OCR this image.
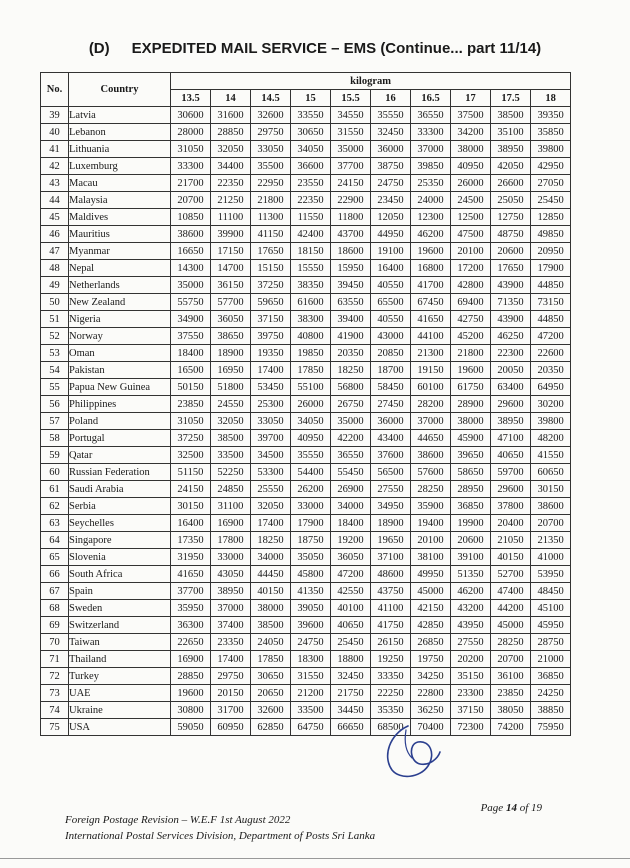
(D) EXPEDITED MAIL SERVICE – EMS (Continue... part 11/14)
No.	Country	kilogram									
		13.5	14	14.5	15	15.5	16	16.5	17	17.5	18
39	Latvia	30600	31600	32600	33550	34550	35550	36550	37500	38500	39350
40	Lebanon	28000	28850	29750	30650	31550	32450	33300	34200	35100	35850
41	Lithuania	31050	32050	33050	34050	35000	36000	37000	38000	38950	39800
42	Luxemburg	33300	34400	35500	36600	37700	38750	39850	40950	42050	42950
43	Macau	21700	22350	22950	23550	24150	24750	25350	26000	26600	27050
44	Malaysia	20700	21250	21800	22350	22900	23450	24000	24500	25050	25450
45	Maldives	10850	11100	11300	11550	11800	12050	12300	12500	12750	12850
46	Mauritius	38600	39900	41150	42400	43700	44950	46200	47500	48750	49850
47	Myanmar	16650	17150	17650	18150	18600	19100	19600	20100	20600	20950
48	Nepal	14300	14700	15150	15550	15950	16400	16800	17200	17650	17900
49	Netherlands	35000	36150	37250	38350	39450	40550	41700	42800	43900	44850
50	New Zealand	55750	57700	59650	61600	63550	65500	67450	69400	71350	73150
51	Nigeria	34900	36050	37150	38300	39400	40550	41650	42750	43900	44850
52	Norway	37550	38650	39750	40800	41900	43000	44100	45200	46250	47200
53	Oman	18400	18900	19350	19850	20350	20850	21300	21800	22300	22600
54	Pakistan	16500	16950	17400	17850	18250	18700	19150	19600	20050	20350
55	Papua New Guinea	50150	51800	53450	55100	56800	58450	60100	61750	63400	64950
56	Philippines	23850	24550	25300	26000	26750	27450	28200	28900	29600	30200
57	Poland	31050	32050	33050	34050	35000	36000	37000	38000	38950	39800
58	Portugal	37250	38500	39700	40950	42200	43400	44650	45900	47100	48200
59	Qatar	32500	33500	34500	35550	36550	37600	38600	39650	40650	41550
60	Russian Federation	51150	52250	53300	54400	55450	56500	57600	58650	59700	60650
61	Saudi Arabia	24150	24850	25550	26200	26900	27550	28250	28950	29600	30150
62	Serbia	30150	31100	32050	33000	34000	34950	35900	36850	37800	38600
63	Seychelles	16400	16900	17400	17900	18400	18900	19400	19900	20400	20700
64	Singapore	17350	17800	18250	18750	19200	19650	20100	20600	21050	21350
65	Slovenia	31950	33000	34000	35050	36050	37100	38100	39100	40150	41000
66	South Africa	41650	43050	44450	45800	47200	48600	49950	51350	52700	53950
67	Spain	37700	38950	40150	41350	42550	43750	45000	46200	47400	48450
68	Sweden	35950	37000	38000	39050	40100	41100	42150	43200	44200	45100
69	Switzerland	36300	37400	38500	39600	40650	41750	42850	43950	45000	45950
70	Taiwan	22650	23350	24050	24750	25450	26150	26850	27550	28250	28750
71	Thailand	16900	17400	17850	18300	18800	19250	19750	20200	20700	21000
72	Turkey	28850	29750	30650	31550	32450	33350	34250	35150	36100	36850
73	UAE	19600	20150	20650	21200	21750	22250	22800	23300	23850	24250
74	Ukraine	30800	31700	32600	33500	34450	35350	36250	37150	38050	38850
75	USA	59050	60950	62850	64750	66650	68500	70400	72300	74200	75950
Page 14 of 19
Foreign Postage Revision – W.E.F 1st August 2022
International Postal Services Division, Department of Posts Sri Lanka
